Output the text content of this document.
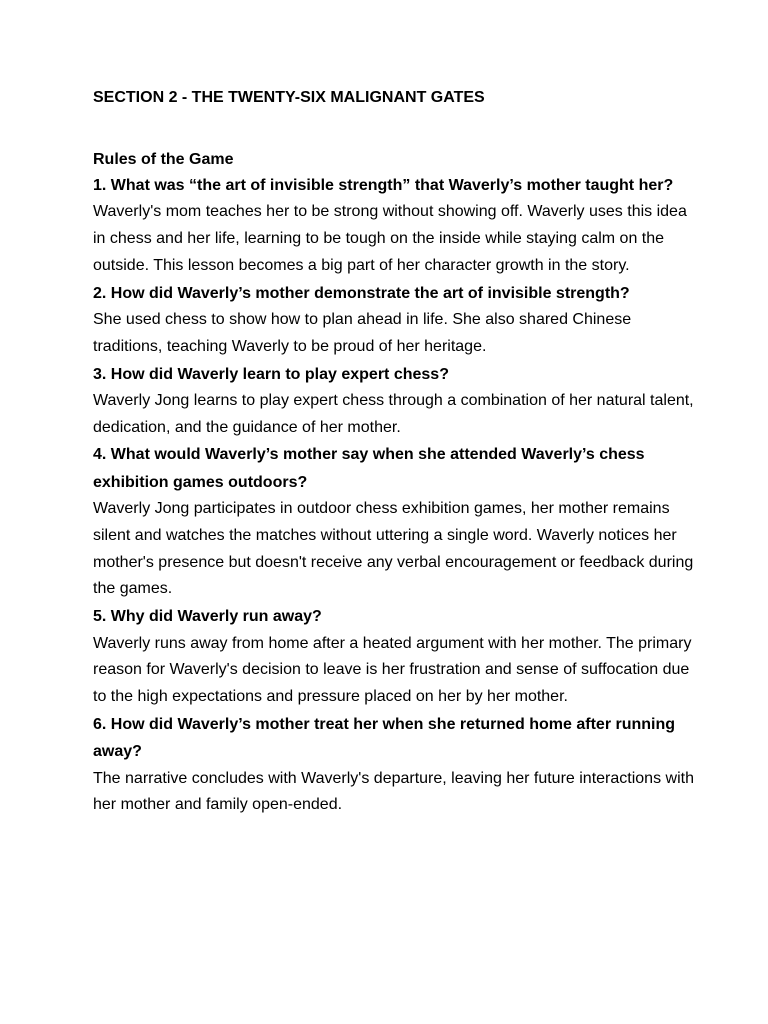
SECTION 2 - THE TWENTY-SIX MALIGNANT GATES
Rules of the Game

1. What was “the art of invisible strength” that Waverly’s mother taught her?

Waverly's mom teaches her to be strong without showing off. Waverly uses this idea in chess and her life, learning to be tough on the inside while staying calm on the outside. This lesson becomes a big part of her character growth in the story.

2. How did Waverly’s mother demonstrate the art of invisible strength?

She used chess to show how to plan ahead in life. She also shared Chinese traditions, teaching Waverly to be proud of her heritage.

3. How did Waverly learn to play expert chess?

Waverly Jong learns to play expert chess through a combination of her natural talent, dedication, and the guidance of her mother.

4. What would Waverly’s mother say when she attended Waverly’s chess exhibition games outdoors?

Waverly Jong participates in outdoor chess exhibition games, her mother remains silent and watches the matches without uttering a single word. Waverly notices her mother's presence but doesn't receive any verbal encouragement or feedback during the games.

5. Why did Waverly run away?

Waverly runs away from home after a heated argument with her mother. The primary reason for Waverly's decision to leave is her frustration and sense of suffocation due to the high expectations and pressure placed on her by her mother.

6. How did Waverly’s mother treat her when she returned home after running away?

The narrative concludes with Waverly's departure, leaving her future interactions with her mother and family open-ended.
